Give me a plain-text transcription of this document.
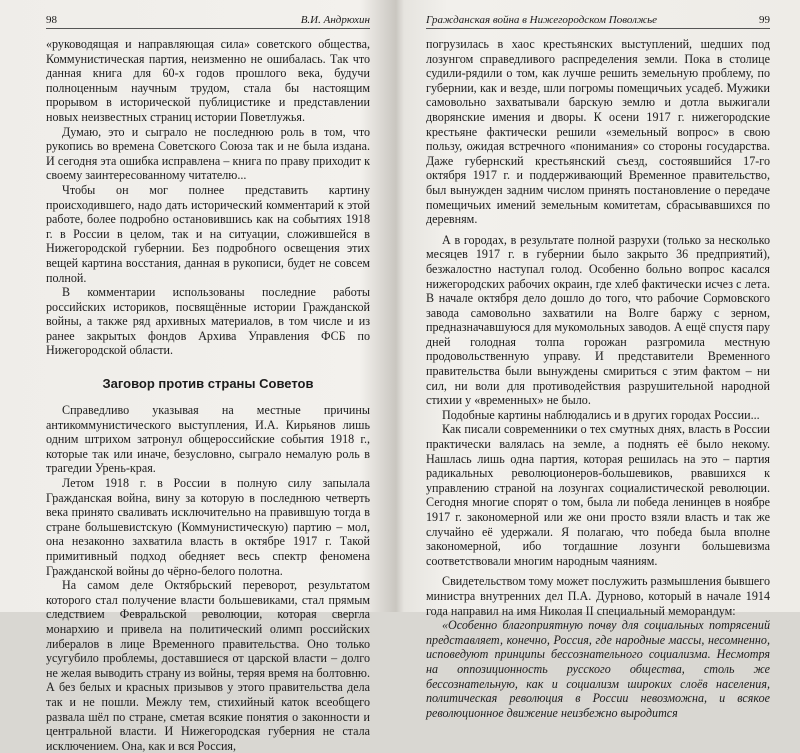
98	В.И. Андрюхин

«руководящая и направляющая сила» советского общества, Коммунистическая партия, неизменно не ошибалась. Так что данная книга для 60-х годов прошлого века, будучи полноценным научным трудом, стала бы настоящим прорывом в исторической публицистике и представлении новых неизвестных страниц истории Поветлужья.

Думаю, это и сыграло не последнюю роль в том, что рукопись во времена Советского Союза так и не была издана. И сегодня эта ошибка исправлена – книга по праву приходит к своему заинтересованному читателю...

Чтобы он мог полнее представить картину происходившего, надо дать исторический комментарий к этой работе, более подробно остановившись как на событиях 1918 г. в России в целом, так и на ситуации, сложившейся в Нижегородской губернии. Без подробного освещения этих вещей картина восстания, данная в рукописи, будет не совсем полной.

В комментарии использованы последние работы российских историков, посвящённые истории Гражданской войны, а также ряд архивных материалов, в том числе и из ранее закрытых фондов Архива Управления ФСБ по Нижегородской области.

Заговор против страны Советов

Справедливо указывая на местные причины антикоммунистического выступления, И.А. Кирьянов лишь одним штрихом затронул общероссийские события 1918 г., которые так или иначе, безусловно, сыграло немалую роль в трагедии Урень-края.

Летом 1918 г. в России в полную силу запылала Гражданская война, вину за которую в последнюю четверть века принято сваливать исключительно на правившую тогда в стране большевистскую (Коммунистическую) партию – мол, она незаконно захватила власть в октябре 1917 г. Такой примитивный подход обедняет весь спектр феномена Гражданской войны до чёрно-белого полотна.

На самом деле Октябрьский переворот, результатом которого стал получение власти большевиками, стал прямым следствием Февральской революции, которая свергла монархию и привела на политический олимп российских либералов в лице Временного правительства. Оно только усугубило проблемы, доставшиеся от царской власти – долго не желая выводить страну из войны, теряя время на болтовню. А без белых и красных призывов у этого правительства дела так и не пошли. Межлу тем, стихийный каток всеобщего развала шёл по стране, сметая всякие понятия о законности и центральной власти. И Нижегородская губерния не стала исключением. Она, как и вся Россия,

Гражданская война в Нижегородском Поволжье	99

погрузилась в хаос крестьянских выступлений, шедших под лозунгом справедливого распределения земли. Пока в столице судили-рядили о том, как лучше решить земельную проблему, по губернии, как и везде, шли погромы помещичьих усадеб. Мужики самовольно захватывали барскую землю и дотла выжигали дворянские имения и дворы. К осени 1917 г. нижегородские крестьяне фактически решили «земельный вопрос» в свою пользу, ожидая встречного «понимания» со стороны государства. Даже губернский крестьянский съезд, состоявшийся 17-го октября 1917 г. и поддерживающий Временное правительство, был вынужден задним числом принять постановление о передаче помещичьих имений земельным комитетам, сбрасывавшихся по деревням.

А в городах, в результате полной разрухи (только за несколько месяцев 1917 г. в губернии было закрыто 36 предприятий), безжалостно наступал голод. Особенно больно вопрос касался нижегородских рабочих окраин, где хлеб фактически исчез с лета. В начале октября дело дошло до того, что рабочие Сормовского завода самовольно захватили на Волге баржу с зерном, предназначавшуюся для мукомольных заводов. А ещё спустя пару дней голодная толпа горожан разгромила местную продовольственную управу. И представители Временного правительства были вынуждены смириться с этим фактом – ни сил, ни воли для противодействия разрушительной народной стихии у «временных» не было.

Подобные картины наблюдались и в других городах России...

Как писали современники о тех смутных днях, власть в России практически валялась на земле, а поднять её было некому. Нашлась лишь одна партия, которая решилась на это – партия радикальных революционеров-большевиков, рвавшихся к управлению страной на лозунгах социалистической революции. Сегодня многие спорят о том, была ли победа ленинцев в ноябре 1917 г. закономерной или же они просто взяли власть и так же случайно её удержали. Я полагаю, что победа была вполне закономерной, ибо тогдашние лозунги большевизма соответствовали многим народным чаяниям.

Свидетельством тому может послужить размышления бывшего министра внутренних дел П.А. Дурново, который в начале 1914 года направил на имя Николая II специальный меморандум:

«Особенно благоприятную почву для социальных потрясений представляет, конечно, Россия, где народные массы, несомненно, исповедуют принципы бессознательного социализма. Несмотря на оппозиционность русского общества, столь же бессознательную, как и социализм широких слоёв населения, политическая революция в России невозможна, и всякое революционное движение неизбежно выродится
